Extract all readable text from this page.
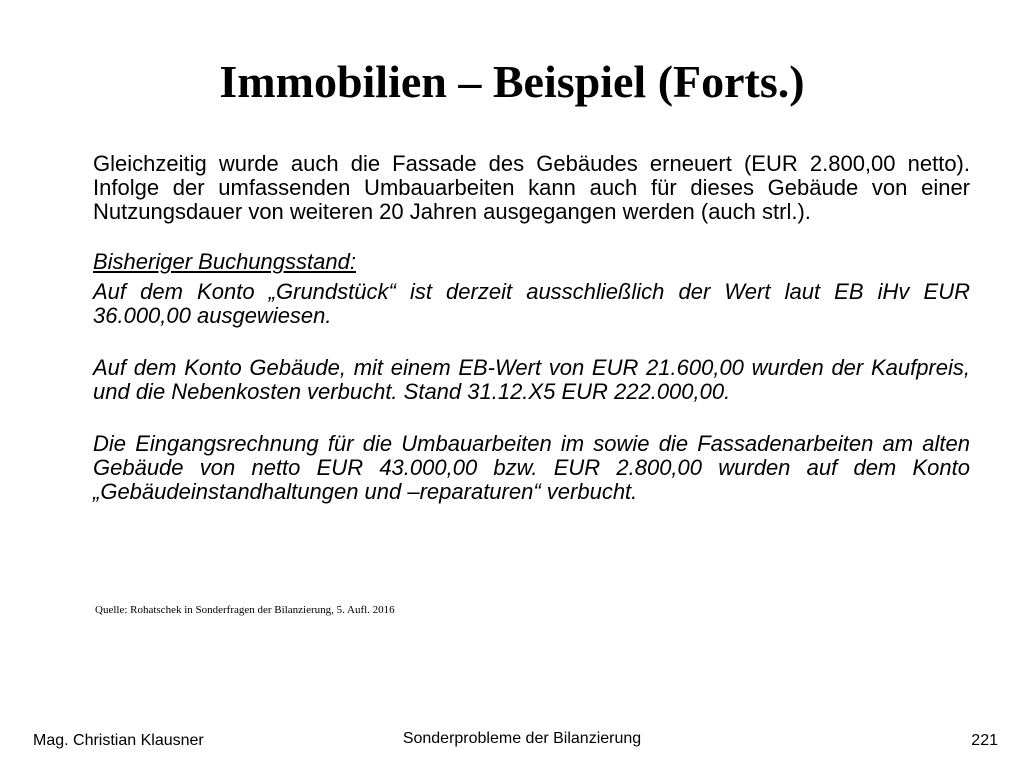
Immobilien – Beispiel (Forts.)

Gleichzeitig wurde auch die Fassade des Gebäudes erneuert (EUR 2.800,00 netto). Infolge der umfassenden Umbauarbeiten kann auch für dieses Gebäude von einer Nutzungsdauer von weiteren 20 Jahren ausgegangen werden (auch strl.).

Bisheriger Buchungsstand:

Auf dem Konto „Grundstück“ ist derzeit ausschließlich der Wert laut EB iHv EUR 36.000,00 ausgewiesen.

Auf dem Konto Gebäude, mit einem EB-Wert von EUR 21.600,00 wurden der Kaufpreis, und die Nebenkosten verbucht. Stand 31.12.X5 EUR 222.000,00.

Die Eingangsrechnung für die Umbauarbeiten im sowie die Fassadenarbeiten am alten Gebäude von netto EUR 43.000,00 bzw. EUR 2.800,00 wurden auf dem Konto „Gebäudeinstandhaltungen und –reparaturen“ verbucht.

Quelle: Rohatschek in Sonderfragen der Bilanzierung, 5. Aufl. 2016
Mag. Christian Klausner	Sonderprobleme der Bilanzierung	221
